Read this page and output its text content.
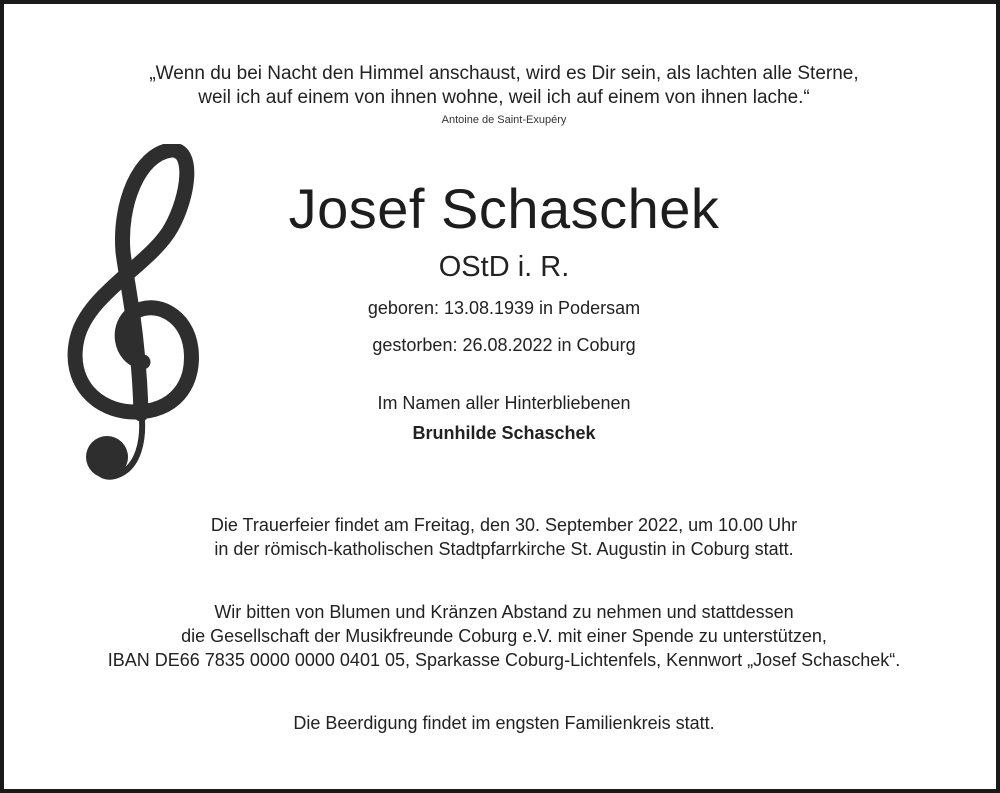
„Wenn du bei Nacht den Himmel anschaust, wird es Dir sein, als lachten alle Sterne,

weil ich auf einem von ihnen wohne, weil ich auf einem von ihnen lache.“

Antoine de Saint-Exupéry

Josef Schaschek

OStD i. R.

geboren: 13.08.1939 in Podersam

gestorben: 26.08.2022 in Coburg

Im Namen aller Hinterbliebenen

Brunhilde Schaschek

Die Trauerfeier findet am Freitag, den 30. September 2022, um 10.00 Uhr

in der römisch-katholischen Stadtpfarrkirche St. Augustin in Coburg statt.

Wir bitten von Blumen und Kränzen Abstand zu nehmen und stattdessen

die Gesellschaft der Musikfreunde Coburg e.V. mit einer Spende zu unterstützen,

IBAN DE66 7835 0000 0000 0401 05, Sparkasse Coburg-Lichtenfels, Kennwort „Josef Schaschek“.

Die Beerdigung findet im engsten Familienkreis statt.
